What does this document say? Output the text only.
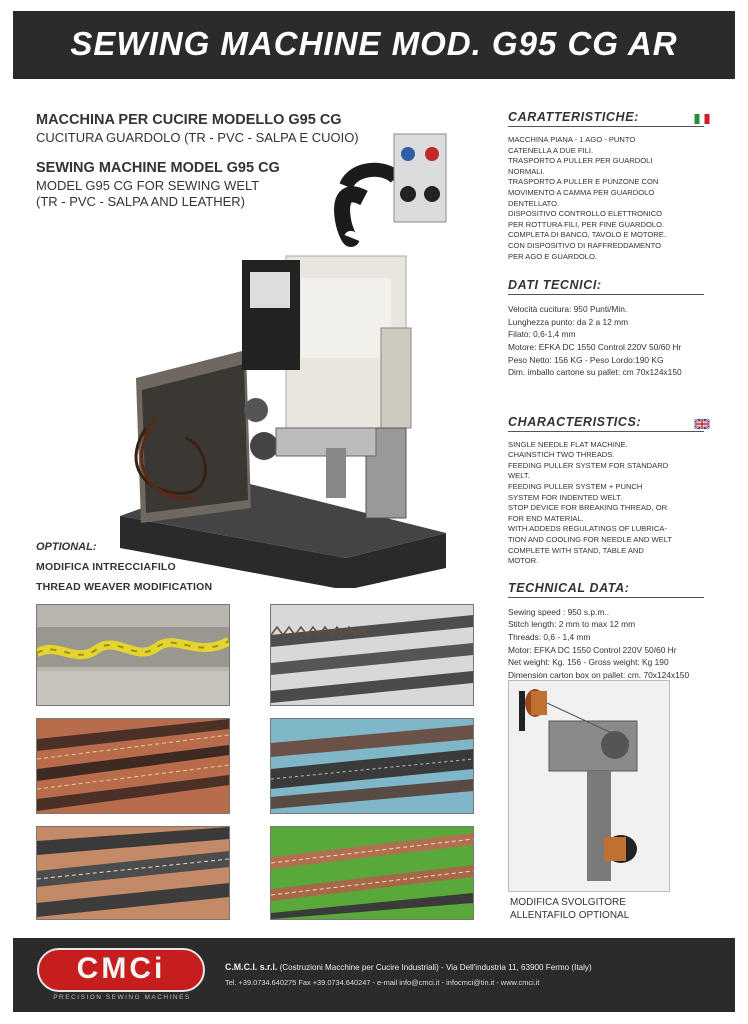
SEWING MACHINE MOD. G95 CG AR
MACCHINA PER CUCIRE MODELLO G95 CG
CUCITURA GUARDOLO (TR - PVC - SALPA E CUOIO)
SEWING MACHINE MODEL G95 CG
MODEL G95 CG FOR SEWING WELT
(TR - PVC - SALPA AND LEATHER)
OPTIONAL:
MODIFICA INTRECCIAFILO
THREAD WEAVER MODIFICATION
CARATTERISTICHE:

MACCHINA PIANA - 1 AGO - PUNTO
CATENELLA A DUE FILI.
TRASPORTO A PULLER PER GUARDOLI
NORMALI.
TRASPORTO A PULLER E PUNZONE CON
MOVIMENTO A CAMMA PER GUARDOLO
DENTELLATO.
DISPOSITIVO CONTROLLO ELETTRONICO
PER ROTTURA FILI, PER FINE GUARDOLO.
COMPLETA DI BANCO, TAVOLO E MOTORE.
CON DISPOSITIVO DI RAFFREDDAMENTO
PER AGO E GUARDOLO.

DATI TECNICI:

Velocità cucitura: 950 Punti/Min.
Lunghezza punto: da 2 a 12 mm
Filato: 0,6-1,4 mm
Motore: EFKA DC 1550 Control 220V 50/60 Hr
Peso Netto: 156 KG - Peso Lordo:190 KG
Dim. imballo cartone su pallet: cm 70x124x150

CHARACTERISTICS:

SINGLE NEEDLE FLAT MACHINE.
CHAINSTICH TWO THREADS.
FEEDING PULLER SYSTEM FOR STANDARD
WELT.
FEEDING PULLER SYSTEM + PUNCH
SYSTEM FOR INDENTED WELT.
STOP DEVICE FOR BREAKING THREAD, OR
FOR END MATERIAL.
WITH ADDEDS REGULATINGS OF LUBRICA-
TION AND COOLING FOR NEEDLE AND WELT
COMPLETE WITH STAND, TABLE AND
MOTOR.

TECHNICAL DATA:

Sewing speed : 950 s.p.m..
Stitch length: 2 mm to max 12 mm
Threads: 0,6 - 1,4 mm
Motor: EFKA DC 1550 Control 220V 50/60 Hr
Net weight: Kg. 156 - Gross weight: Kg 190
Dimension carton box on pallet: cm. 70x124x150

MODIFICA SVOLGITORE
ALLENTAFILO OPTIONAL
CMCi
PRECISION SEWING MACHINES
C.M.C.I. s.r.l. (Costruzioni Macchine per Cucire Industriali) - Via Dell'industria 11, 63900 Fermo (Italy)
Tel. +39.0734.640275 Fax +39.0734.640247 - e-mail info@cmci.it - infocmci@tin.it - www.cmci.it
